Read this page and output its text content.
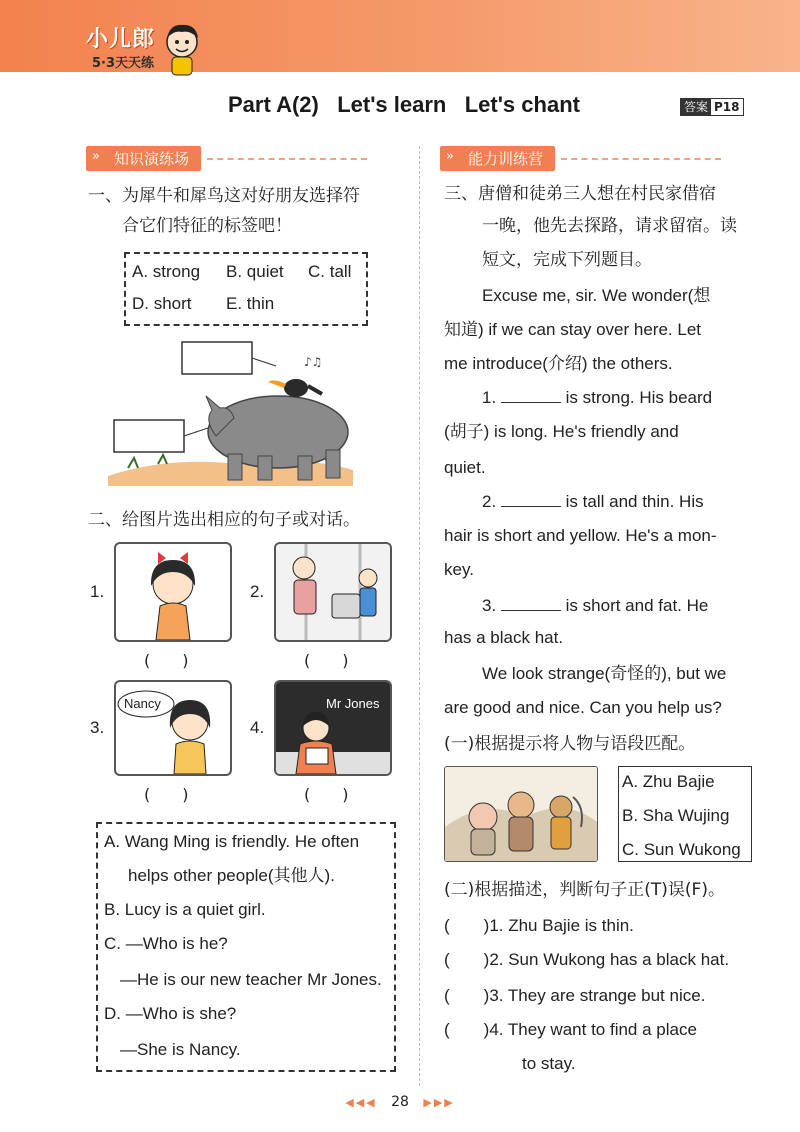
小儿郎
5·3天天练
Part A(2)   Let's learn   Let's chant	答案 P18
» 知识演练场
一、为犀牛和犀鸟这对好朋友选择符
合它们特征的标签吧！
A. strong B. quiet C. tall
D. short E. thin
♪♫
二、给图片选出相应的句子或对话。
1.
(　　)
2.
(　　)
3.
Nancy
(　　)
4.
Mr Jones
(　　)
A. Wang Ming is friendly. He often
helps other people(其他人).
B. Lucy is a quiet girl.
C. —Who is he?
—He is our new teacher Mr Jones.
D. —Who is she?
—She is Nancy.
» 能力训练营
三、唐僧和徒弟三人想在村民家借宿
一晚，他先去探路，请求留宿。读
短文，完成下列题目。
Excuse me, sir. We wonder(想
知道) if we can stay over here. Let
me introduce(介绍) the others.
1.	is strong. His beard
(胡子) is long. He's friendly and
quiet.
2.	is tall and thin. His
hair is short and yellow. He's a mon-
key.
3.	is short and fat. He
has a black hat.
We look strange(奇怪的), but we
are good and nice. Can you help us?
(一)根据提示将人物与语段匹配。
A. Zhu Bajie
B. Sha Wujing
C. Sun Wukong
(二)根据描述，判断句子正(T)误(F)。
(　　)1. Zhu Bajie is thin.
(　　)2. Sun Wukong has a black hat.
(　　)3. They are strange but nice.
(　　)4. They want to find a place
to stay.
◀◀◀ 28 ▶▶▶
